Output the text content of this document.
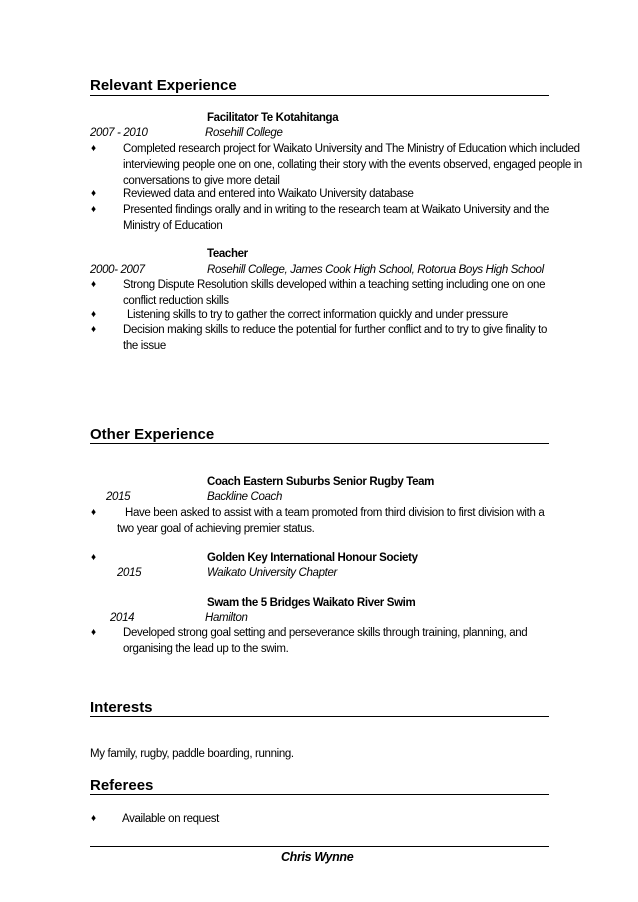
Relevant Experience
Facilitator Te Kotahitanga
2007 - 2010	Rosehill College
♦ Completed research project for Waikato University and The Ministry of Education which included interviewing people one on one, collating their story with the events observed, engaged people in conversations to give more detail
♦ Reviewed data and entered into Waikato University database
♦ Presented findings orally and in writing to the research team at Waikato University and the Ministry of Education
Teacher
2000- 2007	Rosehill College, James Cook High School, Rotorua Boys High School
♦ Strong Dispute Resolution skills developed within a teaching setting including one on one conflict reduction skills
♦	Listening skills to try to gather the correct information quickly and under pressure
♦ Decision making skills to reduce the potential for further conflict and to try to give finality to the issue
Other Experience
Coach Eastern Suburbs Senior Rugby Team
2015	Backline Coach
♦	Have been asked to assist with a team promoted from third division to first division with a two year goal of achieving premier status.
♦	Golden Key International Honour Society
2015	Waikato University Chapter
Swam the 5 Bridges Waikato River Swim
2014	Hamilton
♦ Developed strong goal setting and perseverance skills through training, planning, and organising the lead up to the swim.
Interests
My family, rugby, paddle boarding, running.
Referees
♦ Available on request
Chris Wynne
